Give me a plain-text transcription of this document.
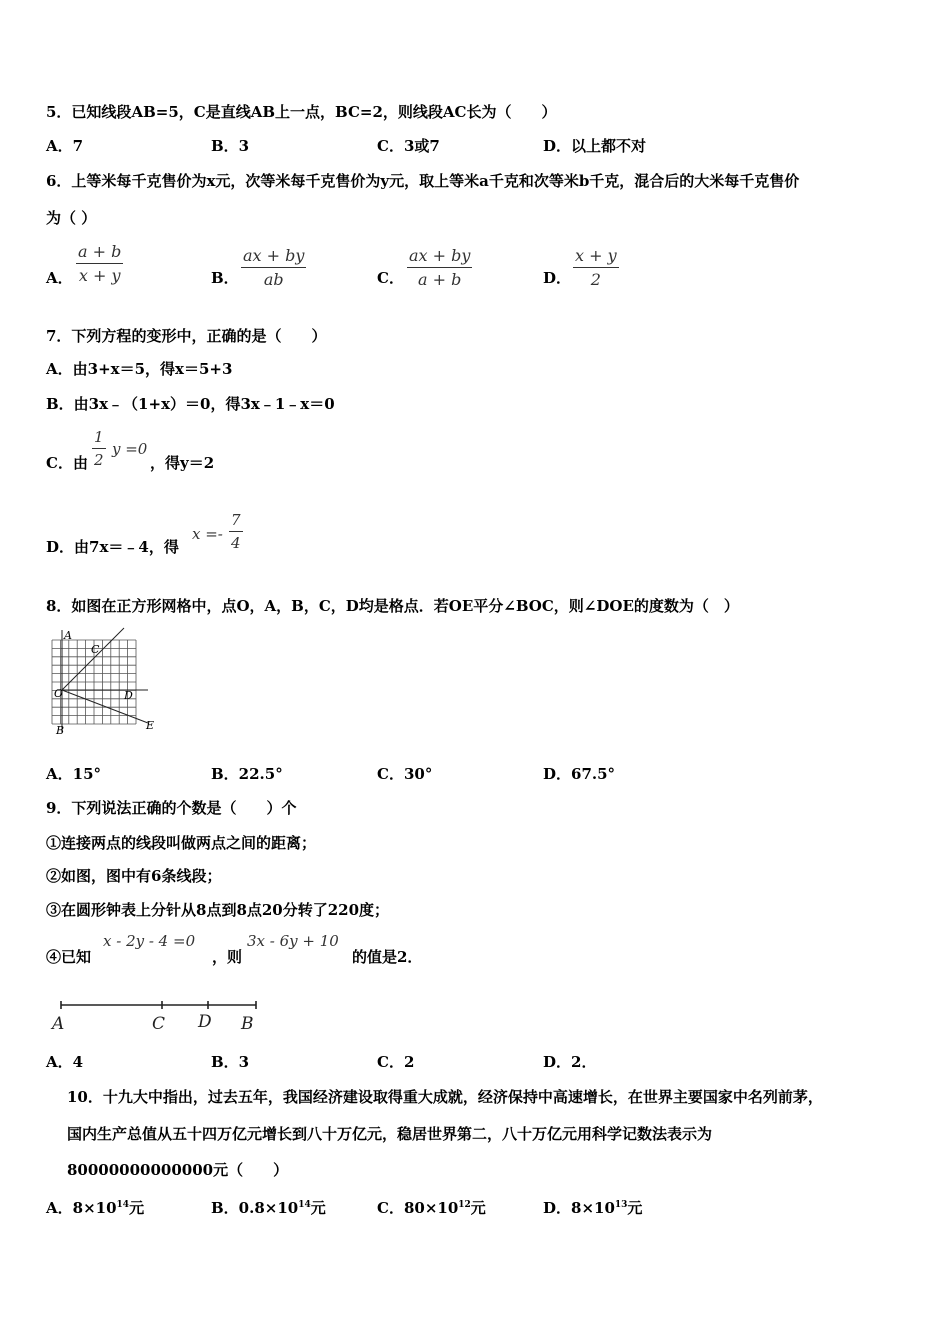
5．已知线段AB=5，C是直线AB上一点，BC=2，则线段AC长为（　　）
A．7	B．3	C．3或7	D．以上都不对
6．上等米每千克售价为x元，次等米每千克售价为y元，取上等米a千克和次等米b千克，混合后的大米每千克售价
为（ ）
A．
a + b
x + y	B．
ax + by
ab	C．
ax + by
a + b	D．
x + y
2
7．下列方程的变形中，正确的是（　　）
A．由3+x＝5，得x＝5+3
B．由3x﹣（1+x）＝0，得3x﹣1﹣x＝0
C．由
1
2
y =0
，得y＝2
D．由7x＝﹣4，得
x =-
7
4
8．如图在正方形网格中，点O，A，B，C，D均是格点．若OE平分∠BOC，则∠DOE的度数为（　）
A
C
O	D
B	E
A．15°	B．22.5°	C．30°	D．67.5°
9．下列说法正确的个数是（　　）个
①连接两点的线段叫做两点之间的距离；
②如图，图中有6条线段；
③在圆形钟表上分针从8点到8点20分转了220度；
④已知
x - 2y - 4 =0
，则
3x - 6y + 10
的值是2．
A	C D B
A．4	B．3	C．2	D．2．
10．十九大中指出，过去五年，我国经济建设取得重大成就，经济保持中高速增长，在世界主要国家中名列前茅，
国内生产总值从五十四万亿元增长到八十万亿元，稳居世界第二，八十万亿元用科学记数法表示为
80000000000000元（　　）
A．$8\times 10^{14}$元	B．$0.8\times 10^{14}$元	C．$80\times 10^{12}$元	D．$8\times 10^{13}$元
